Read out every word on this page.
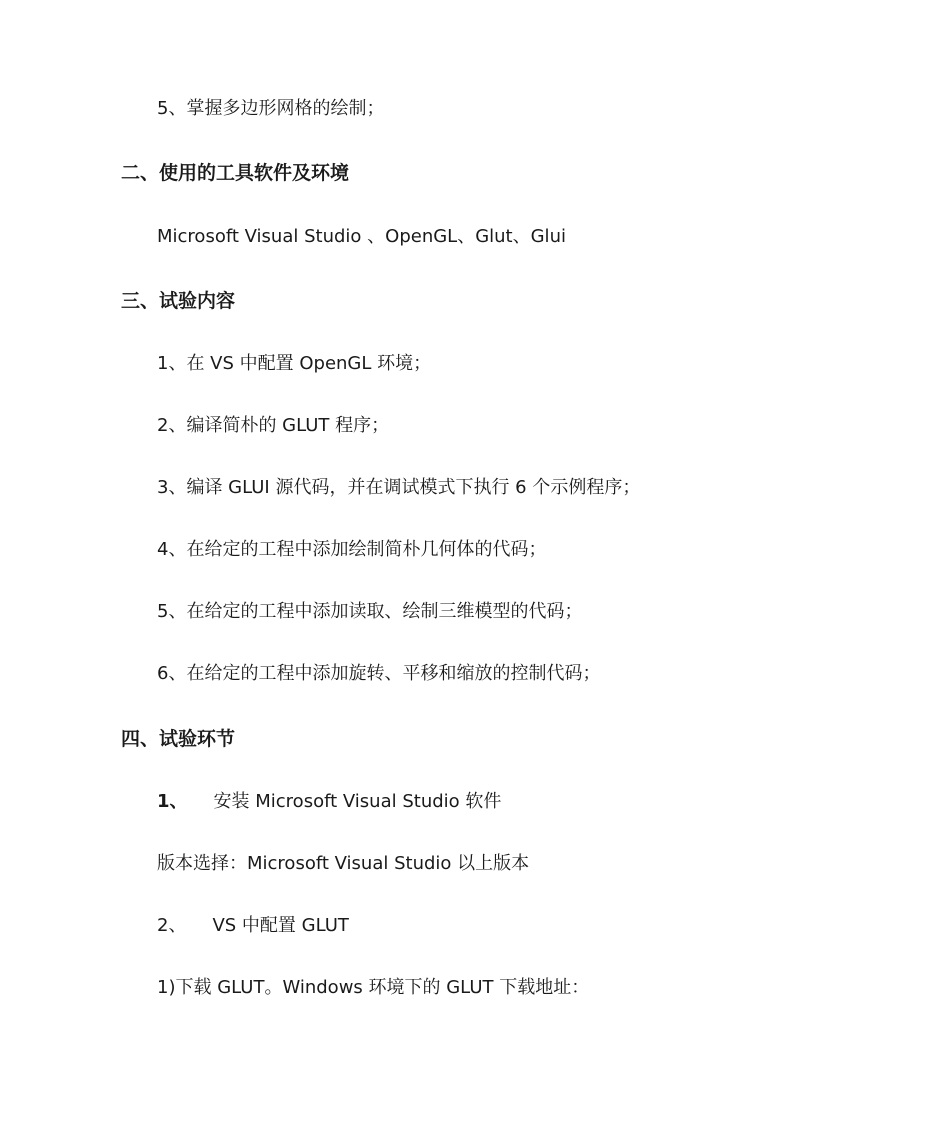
5、掌握多边形网格的绘制；
二、使用的工具软件及环境
Microsoft Visual Studio 、OpenGL、Glut、Glui
三、试验内容
1、在 VS 中配置 OpenGL 环境；
2、编译简朴的 GLUT 程序；
3、编译 GLUI 源代码，并在调试模式下执行 6 个示例程序；
4、在给定的工程中添加绘制简朴几何体的代码；
5、在给定的工程中添加读取、绘制三维模型的代码；
6、在给定的工程中添加旋转、平移和缩放的控制代码；
四、试验环节
1、 安装 Microsoft Visual Studio 软件
版本选择：Microsoft Visual Studio 以上版本
2、 VS 中配置 GLUT
1)下载 GLUT。Windows 环境下的 GLUT 下载地址：
